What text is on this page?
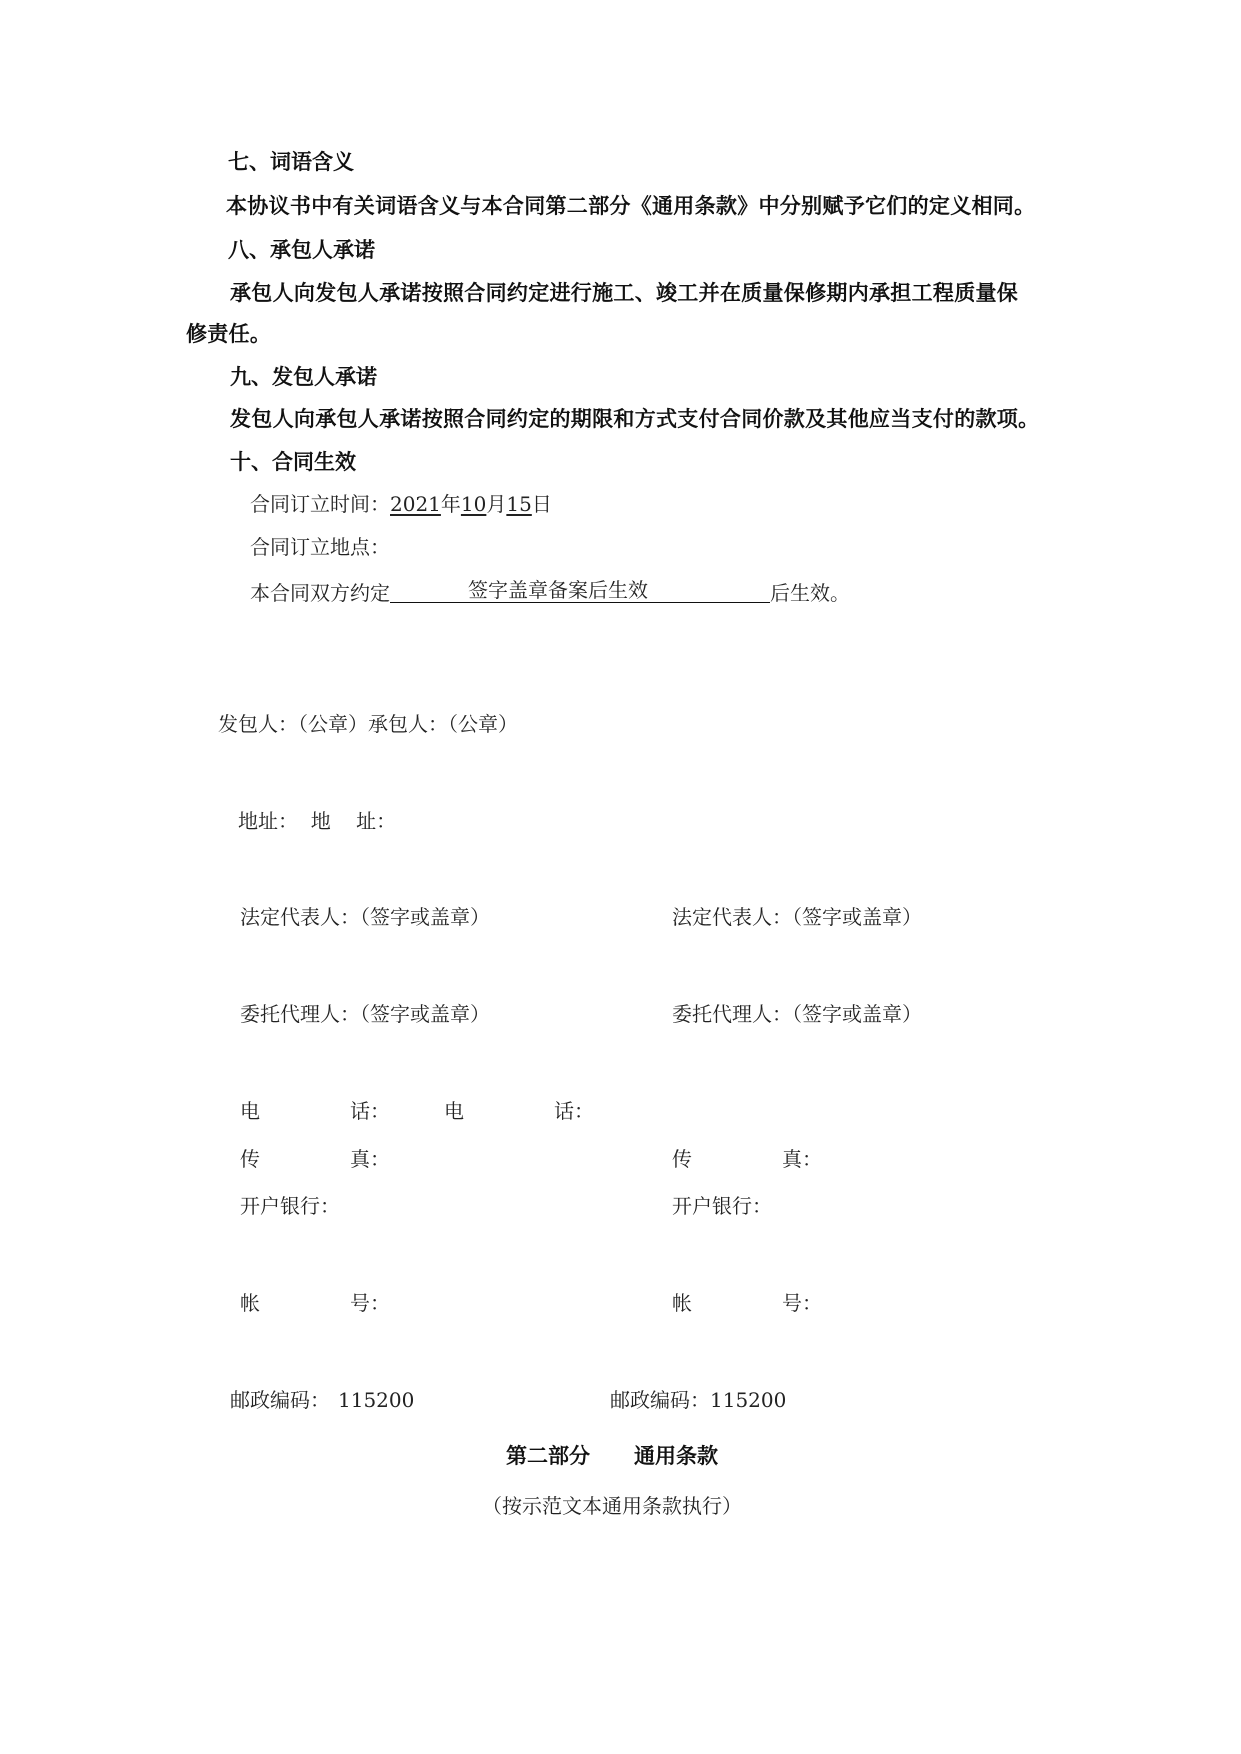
七、词语含义

本协议书中有关词语含义与本合同第二部分《通用条款》中分别赋予它们的定义相同。

八、承包人承诺

承包人向发包人承诺按照合同约定进行施工、竣工并在质量保修期内承担工程质量保

修责任。

九、发包人承诺

发包人向承包人承诺按照合同约定的期限和方式支付合同价款及其他应当支付的款项。

十、合同生效

合同订立时间：2021年10月15日

合同订立地点：

本合同双方约定	签字盖章备案后生效	后生效。

发包人：（公章）承包人：（公章）

地址：  地    址：

法定代表人：（签字或盖章）	法定代表人：（签字或盖章）

委托代理人：（签字或盖章）	委托代理人：（签字或盖章）

电	话：	电	话：

传	真：	传	真：

开户银行：	开户银行：

帐	号：	帐	号：

邮政编码： 115200	邮政编码：115200

第二部分 通用条款

（按示范文本通用条款执行）
